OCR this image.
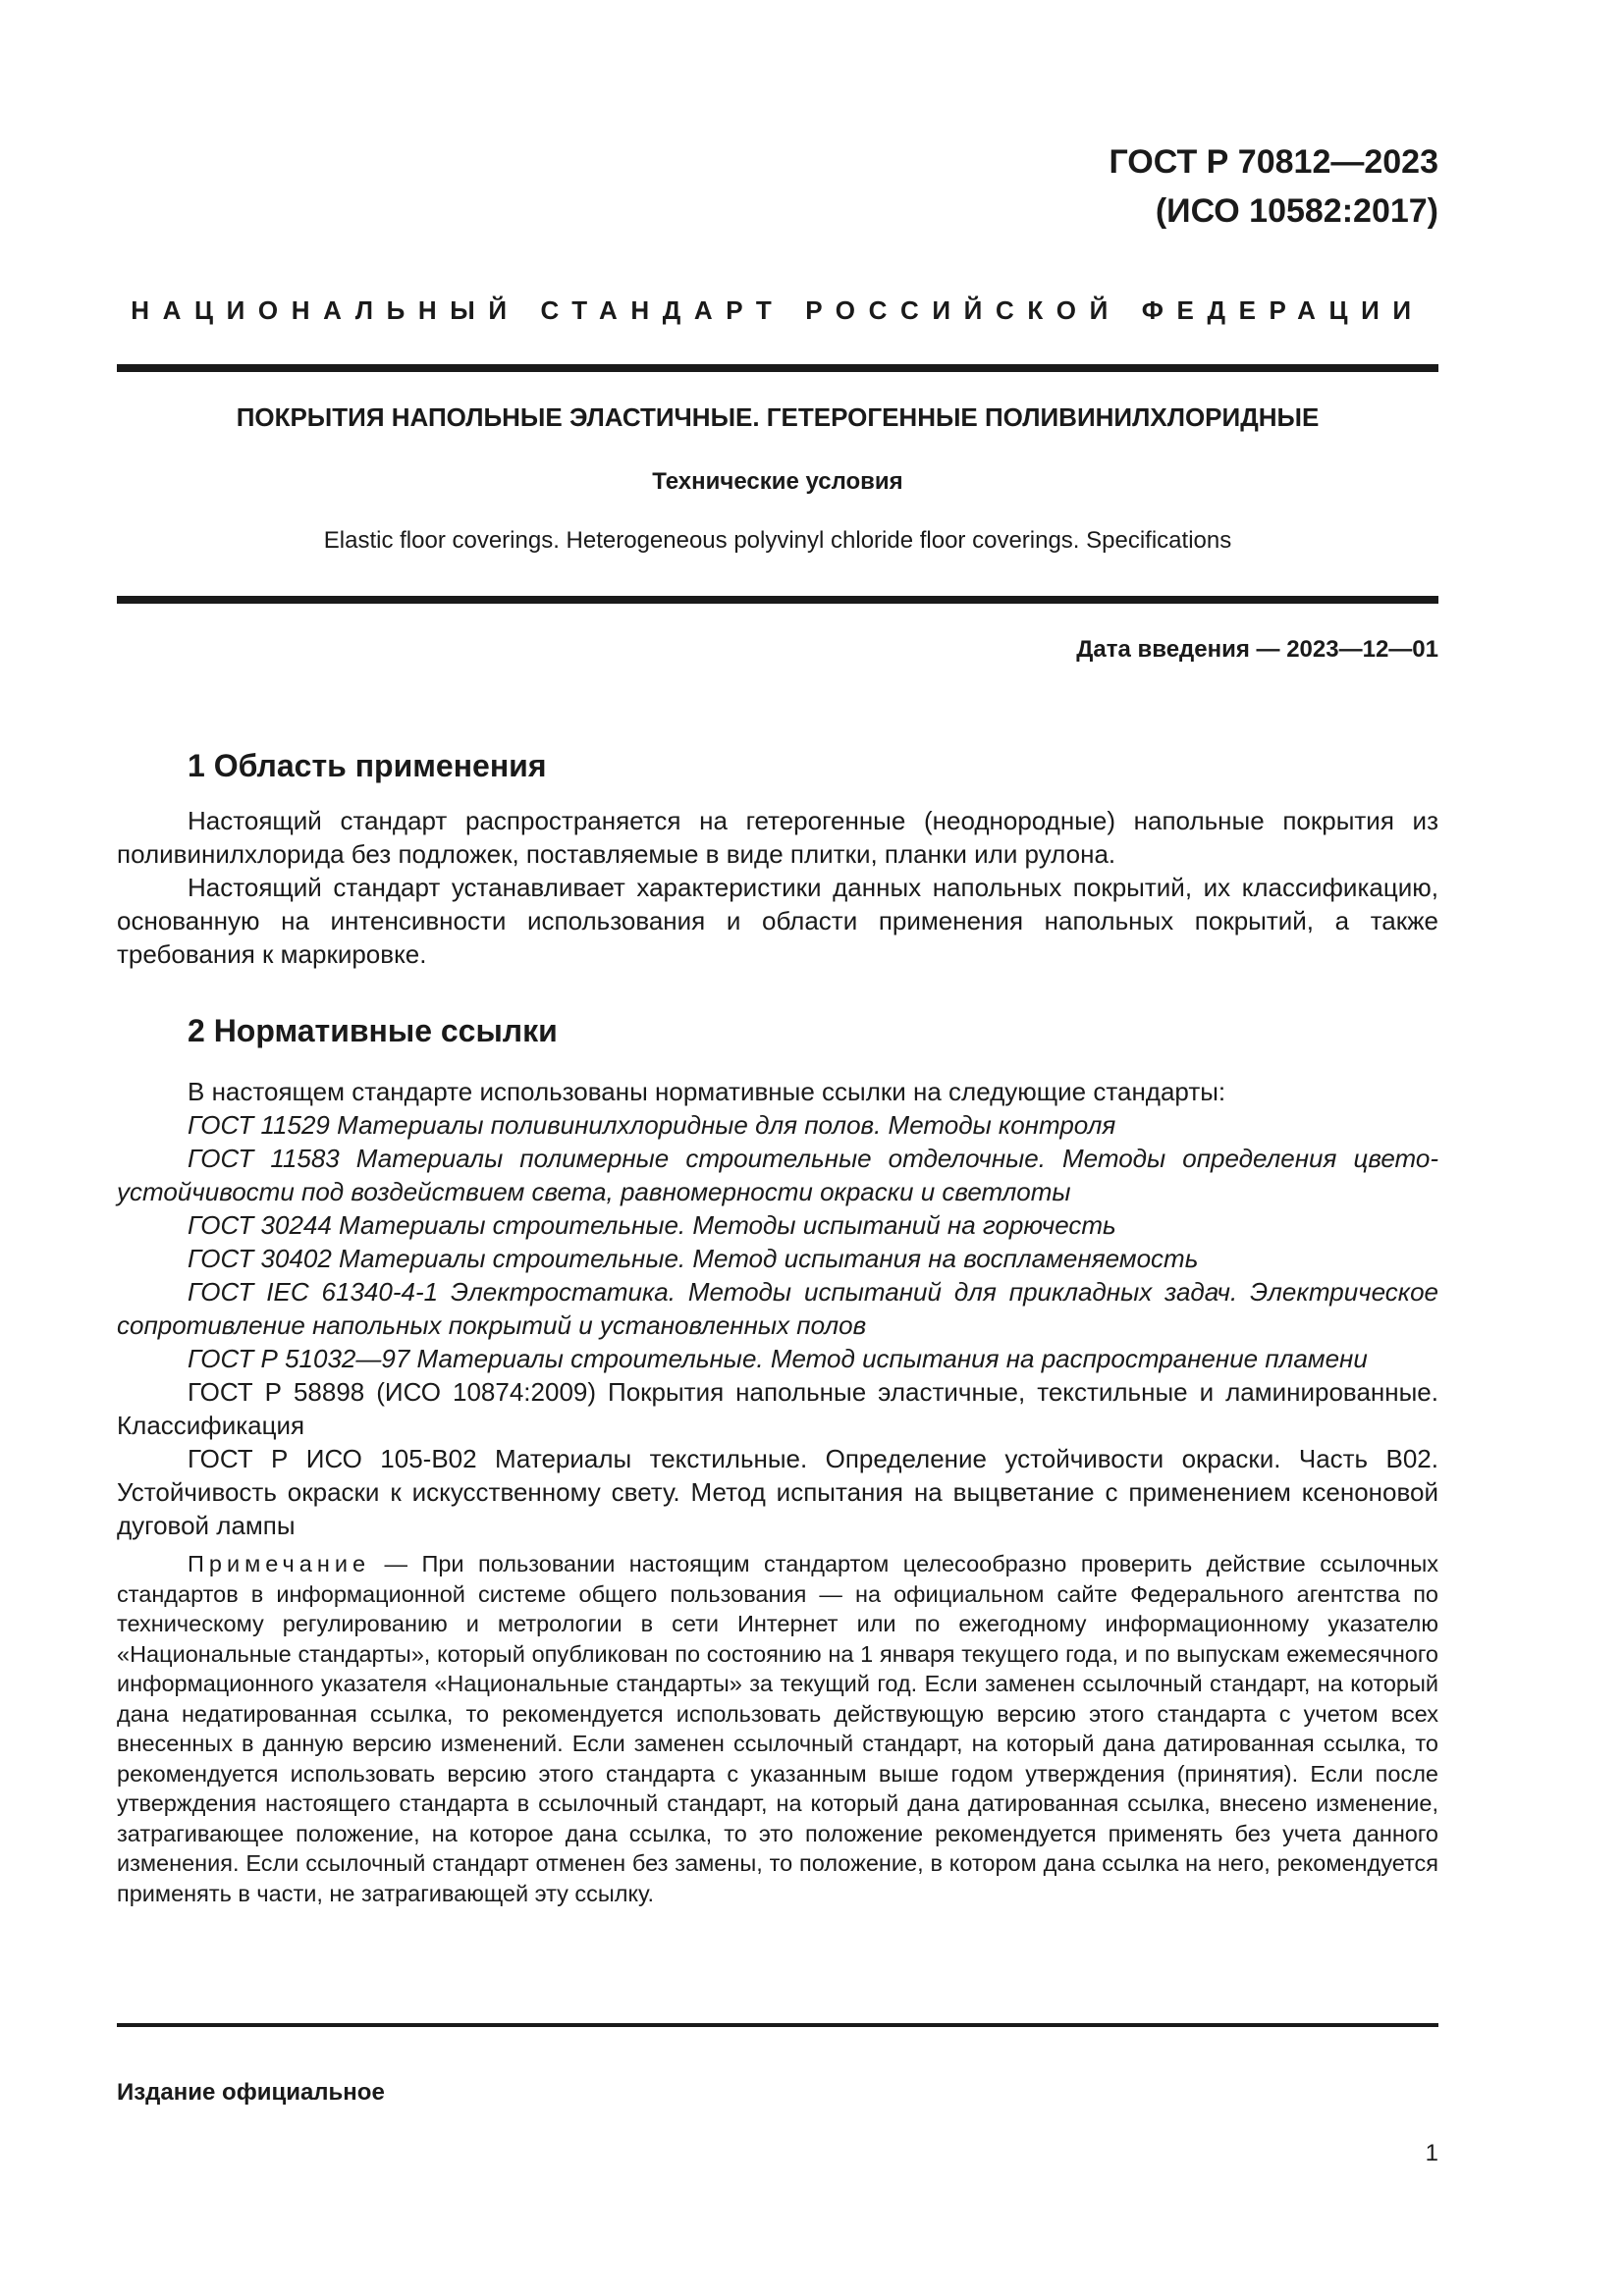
ГОСТ Р 70812—2023
(ИСО 10582:2017)
НАЦИОНАЛЬНЫЙ СТАНДАРТ РОССИЙСКОЙ ФЕДЕРАЦИИ
ПОКРЫТИЯ НАПОЛЬНЫЕ ЭЛАСТИЧНЫЕ. ГЕТЕРОГЕННЫЕ ПОЛИВИНИЛХЛОРИДНЫЕ
Технические условия
Elastic floor coverings. Heterogeneous polyvinyl chloride floor coverings. Specifications
Дата введения — 2023—12—01
1 Область применения

Настоящий стандарт распространяется на гетерогенные (неоднородные) напольные покрытия из поливинилхлорида без подложек, поставляемые в виде плитки, планки или рулона.

Настоящий стандарт устанавливает характеристики данных напольных покрытий, их классификацию, основанную на интенсивности использования и области применения напольных покрытий, а также требования к маркировке.

2 Нормативные ссылки

В настоящем стандарте использованы нормативные ссылки на следующие стандарты:

ГОСТ 11529 Материалы поливинилхлоридные для полов. Методы контроля

ГОСТ 11583 Материалы полимерные строительные отделочные. Методы определения цветоустойчивости под воздействием света, равномерности окраски и светлоты

ГОСТ 30244 Материалы строительные. Методы испытаний на горючесть

ГОСТ 30402 Материалы строительные. Метод испытания на воспламеняемость

ГОСТ IEC 61340-4-1 Электростатика. Методы испытаний для прикладных задач. Электрическое сопротивление напольных покрытий и установленных полов

ГОСТ Р 51032—97 Материалы строительные. Метод испытания на распространение пламени

ГОСТ Р 58898 (ИСО 10874:2009) Покрытия напольные эластичные, текстильные и ламинированные. Классификация

ГОСТ Р ИСО 105-В02 Материалы текстильные. Определение устойчивости окраски. Часть В02. Устойчивость окраски к искусственному свету. Метод испытания на выцветание с применением ксеноновой дуговой лампы

Примечание — При пользовании настоящим стандартом целесообразно проверить действие ссылочных стандартов в информационной системе общего пользования — на официальном сайте Федерального агентства по техническому регулированию и метрологии в сети Интернет или по ежегодному информационному указателю «Национальные стандарты», который опубликован по состоянию на 1 января текущего года, и по выпускам ежемесячного информационного указателя «Национальные стандарты» за текущий год. Если заменен ссылочный стандарт, на который дана недатированная ссылка, то рекомендуется использовать действующую версию этого стандарта с учетом всех внесенных в данную версию изменений. Если заменен ссылочный стандарт, на который дана датированная ссылка, то рекомендуется использовать версию этого стандарта с указанным выше годом утверждения (принятия). Если после утверждения настоящего стандарта в ссылочный стандарт, на который дана датированная ссылка, внесено изменение, затрагивающее положение, на которое дана ссылка, то это положение рекомендуется применять без учета данного изменения. Если ссылочный стандарт отменен без замены, то положение, в котором дана ссылка на него, рекомендуется применять в части, не затрагивающей эту ссылку.

Издание официальное
1
